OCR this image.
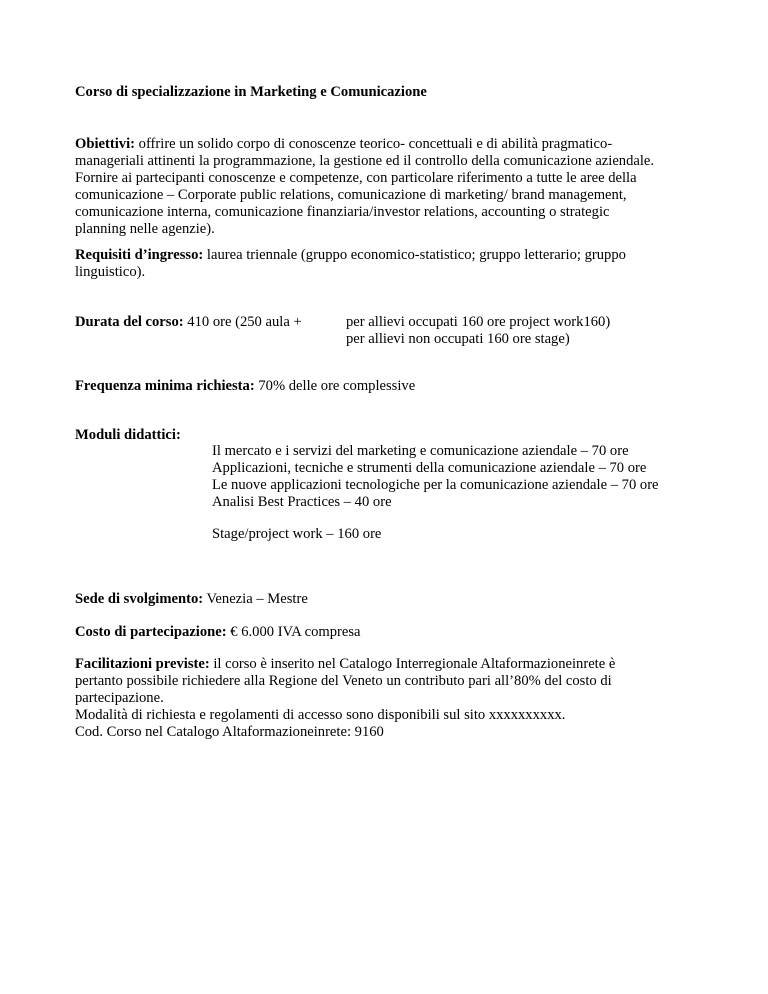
Corso di specializzazione in Marketing e Comunicazione
Obiettivi: offrire un solido corpo di conoscenze teorico- concettuali e di abilità pragmatico-
manageriali attinenti la programmazione, la gestione ed il controllo della comunicazione aziendale.
Fornire ai partecipanti conoscenze e competenze, con particolare riferimento a tutte le aree della
comunicazione – Corporate public relations, comunicazione di marketing/ brand management,
comunicazione interna, comunicazione finanziaria/investor relations, accounting o strategic
planning nelle agenzie).
Requisiti d’ingresso: laurea triennale (gruppo economico-statistico; gruppo letterario; gruppo
linguistico).
Durata del corso: 410 ore (250 aula +	per allievi occupati 160 ore project work160)
per allievi non occupati 160 ore stage)
Frequenza minima richiesta: 70% delle ore complessive
Moduli didattici:
Il mercato e i servizi del marketing e comunicazione aziendale – 70 ore
Applicazioni, tecniche e strumenti della comunicazione aziendale – 70 ore
Le nuove applicazioni tecnologiche per la comunicazione aziendale – 70 ore
Analisi Best Practices – 40 ore
Stage/project work – 160 ore
Sede di svolgimento: Venezia – Mestre
Costo di partecipazione: € 6.000 IVA compresa
Facilitazioni previste: il corso è inserito nel Catalogo Interregionale Altaformazioneinrete è
pertanto possibile richiedere alla Regione del Veneto un contributo pari all’80% del costo di
partecipazione.
Modalità di richiesta e regolamenti di accesso sono disponibili sul sito xxxxxxxxxx.
Cod. Corso nel Catalogo Altaformazioneinrete: 9160
